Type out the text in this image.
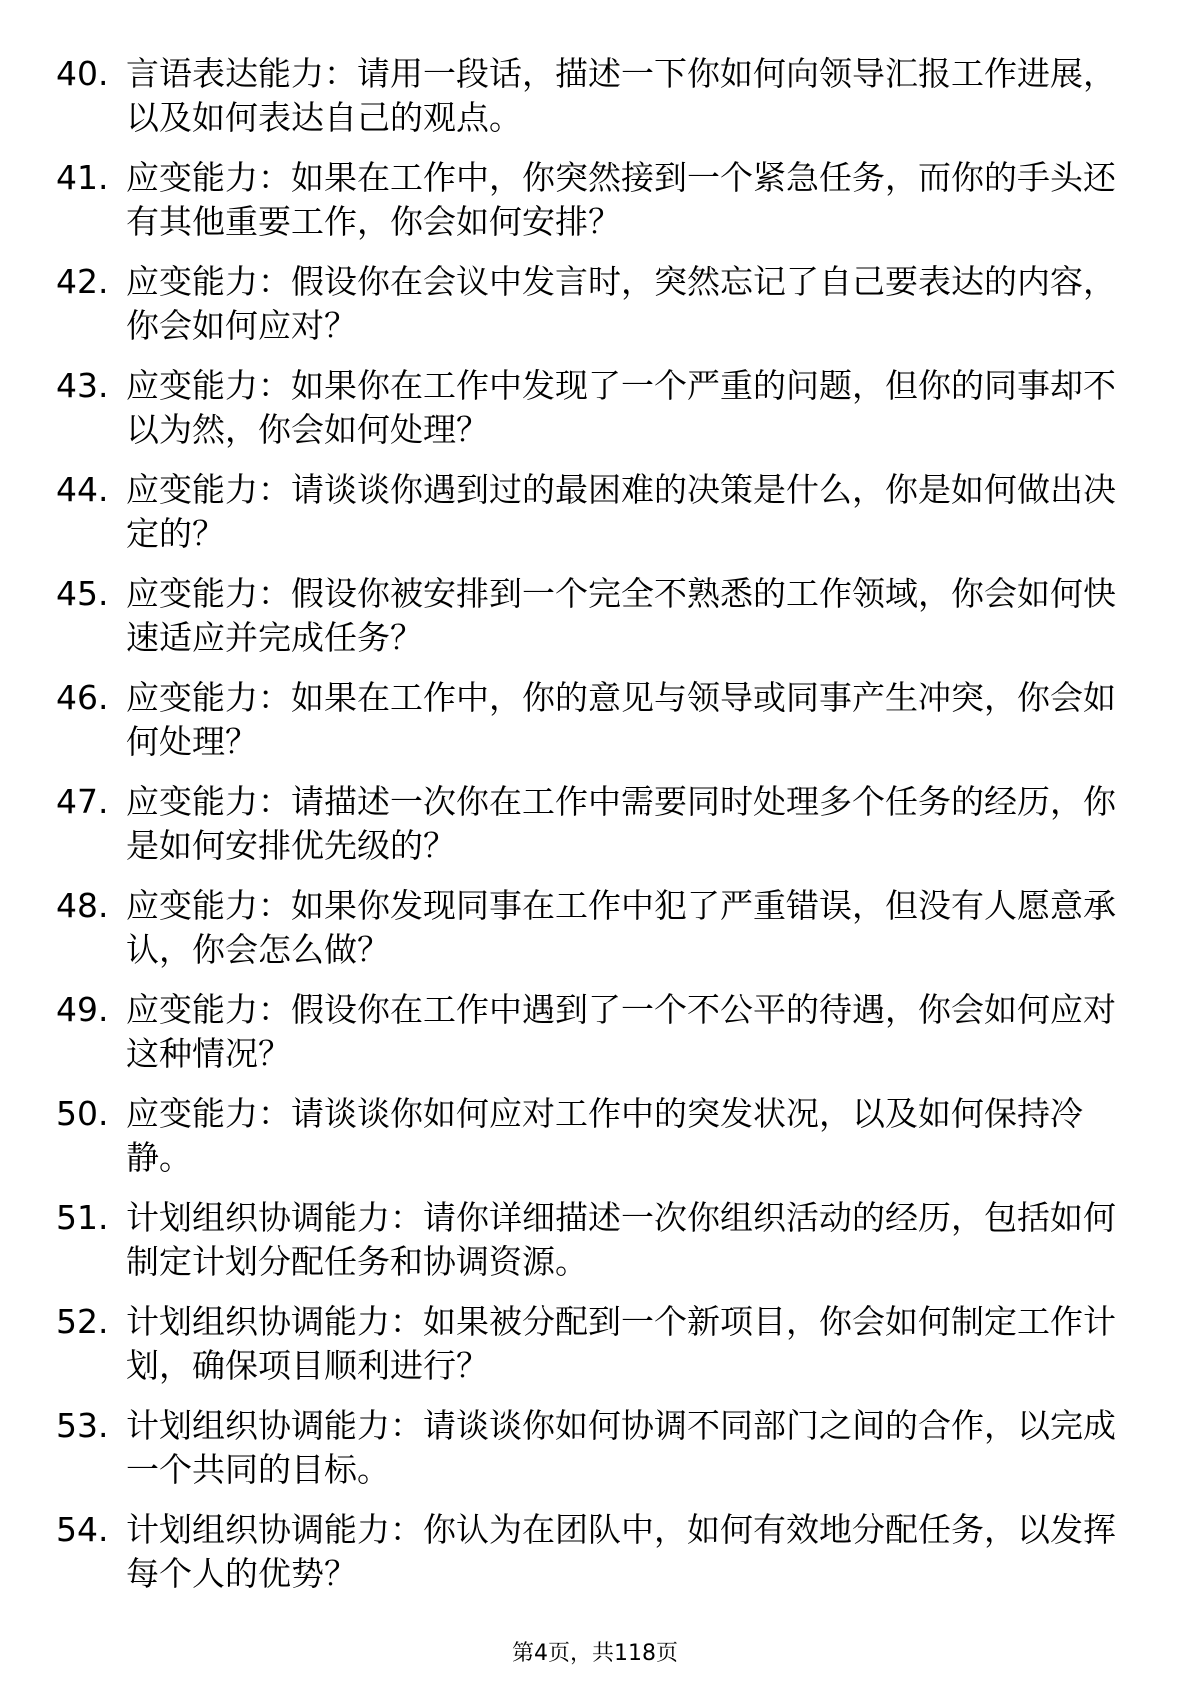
40. 言语表达能力：请用一段话，描述一下你如何向领导汇报工作进展，以及如何表达自己的观点。
41. 应变能力：如果在工作中，你突然接到一个紧急任务，而你的手头还有其他重要工作，你会如何安排？
42. 应变能力：假设你在会议中发言时，突然忘记了自己要表达的内容，你会如何应对？
43. 应变能力：如果你在工作中发现了一个严重的问题，但你的同事却不以为然，你会如何处理？
44. 应变能力：请谈谈你遇到过的最困难的决策是什么，你是如何做出决定的？
45. 应变能力：假设你被安排到一个完全不熟悉的工作领域，你会如何快速适应并完成任务？
46. 应变能力：如果在工作中，你的意见与领导或同事产生冲突，你会如何处理？
47. 应变能力：请描述一次你在工作中需要同时处理多个任务的经历，你是如何安排优先级的？
48. 应变能力：如果你发现同事在工作中犯了严重错误，但没有人愿意承认，你会怎么做？
49. 应变能力：假设你在工作中遇到了一个不公平的待遇，你会如何应对这种情况？
50. 应变能力：请谈谈你如何应对工作中的突发状况，以及如何保持冷静。
51. 计划组织协调能力：请你详细描述一次你组织活动的经历，包括如何制定计划分配任务和协调资源。
52. 计划组织协调能力：如果被分配到一个新项目，你会如何制定工作计划，确保项目顺利进行？
53. 计划组织协调能力：请谈谈你如何协调不同部门之间的合作，以完成一个共同的目标。
54. 计划组织协调能力：你认为在团队中，如何有效地分配任务，以发挥每个人的优势？
第4页，共118页
